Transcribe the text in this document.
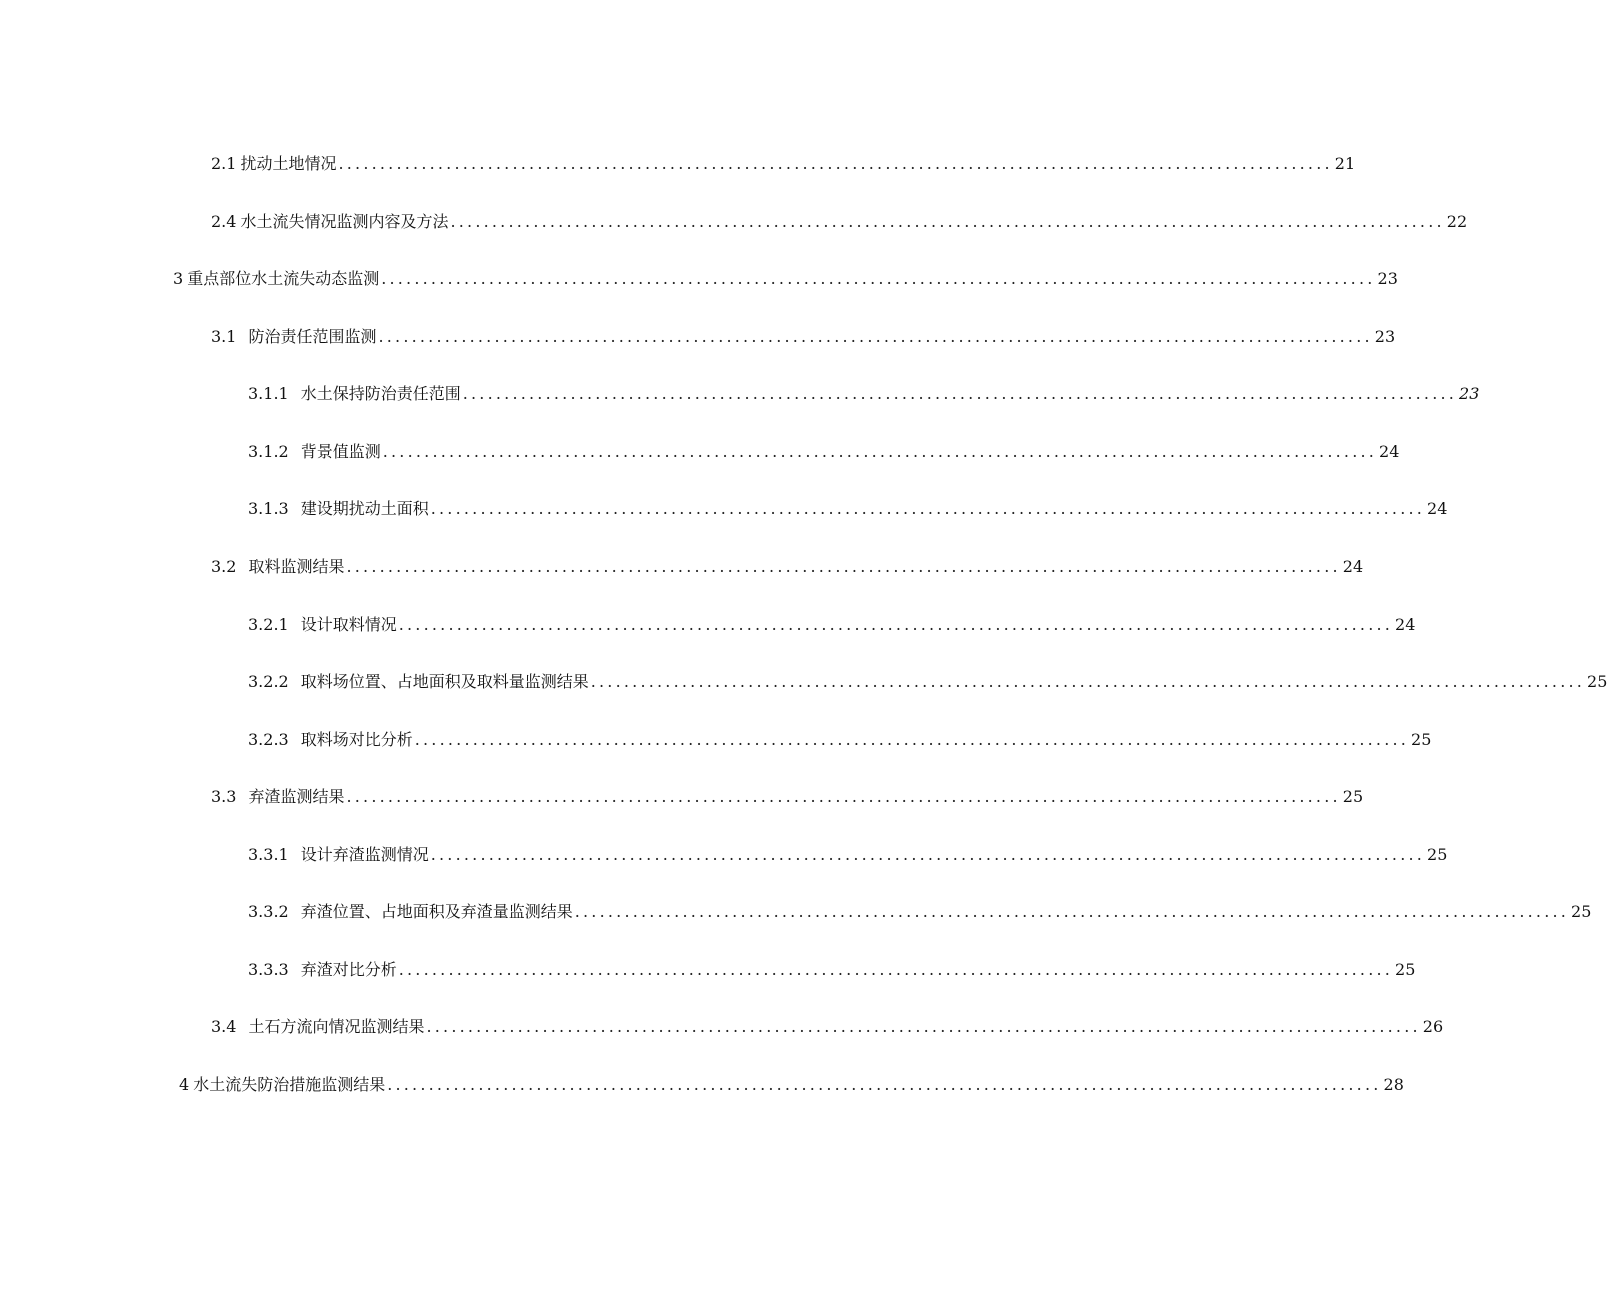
2.1 扰动土地情况 ........................................................................................................................ 21
2.4 水土流失情况监测内容及方法 ........................................................................................................................ 22
3 重点部位水土流失动态监测 ........................................................................................................................ 23
3.1 防治责任范围监测 ........................................................................................................................ 23
3.1.1 水土保持防治责任范围 ........................................................................................................................ 23
3.1.2 背景值监测 ........................................................................................................................ 24
3.1.3 建设期扰动土面积 ........................................................................................................................ 24
3.2 取料监测结果 ........................................................................................................................ 24
3.2.1 设计取料情况 ........................................................................................................................ 24
3.2.2 取料场位置、占地面积及取料量监测结果 ........................................................................................................................ 25
3.2.3 取料场对比分析 ........................................................................................................................ 25
3.3 弃渣监测结果 ........................................................................................................................ 25
3.3.1 设计弃渣监测情况 ........................................................................................................................ 25
3.3.2 弃渣位置、占地面积及弃渣量监测结果 ........................................................................................................................ 25
3.3.3 弃渣对比分析 ........................................................................................................................ 25
3.4 土石方流向情况监测结果 ........................................................................................................................ 26
4 水土流失防治措施监测结果 ........................................................................................................................ 28
